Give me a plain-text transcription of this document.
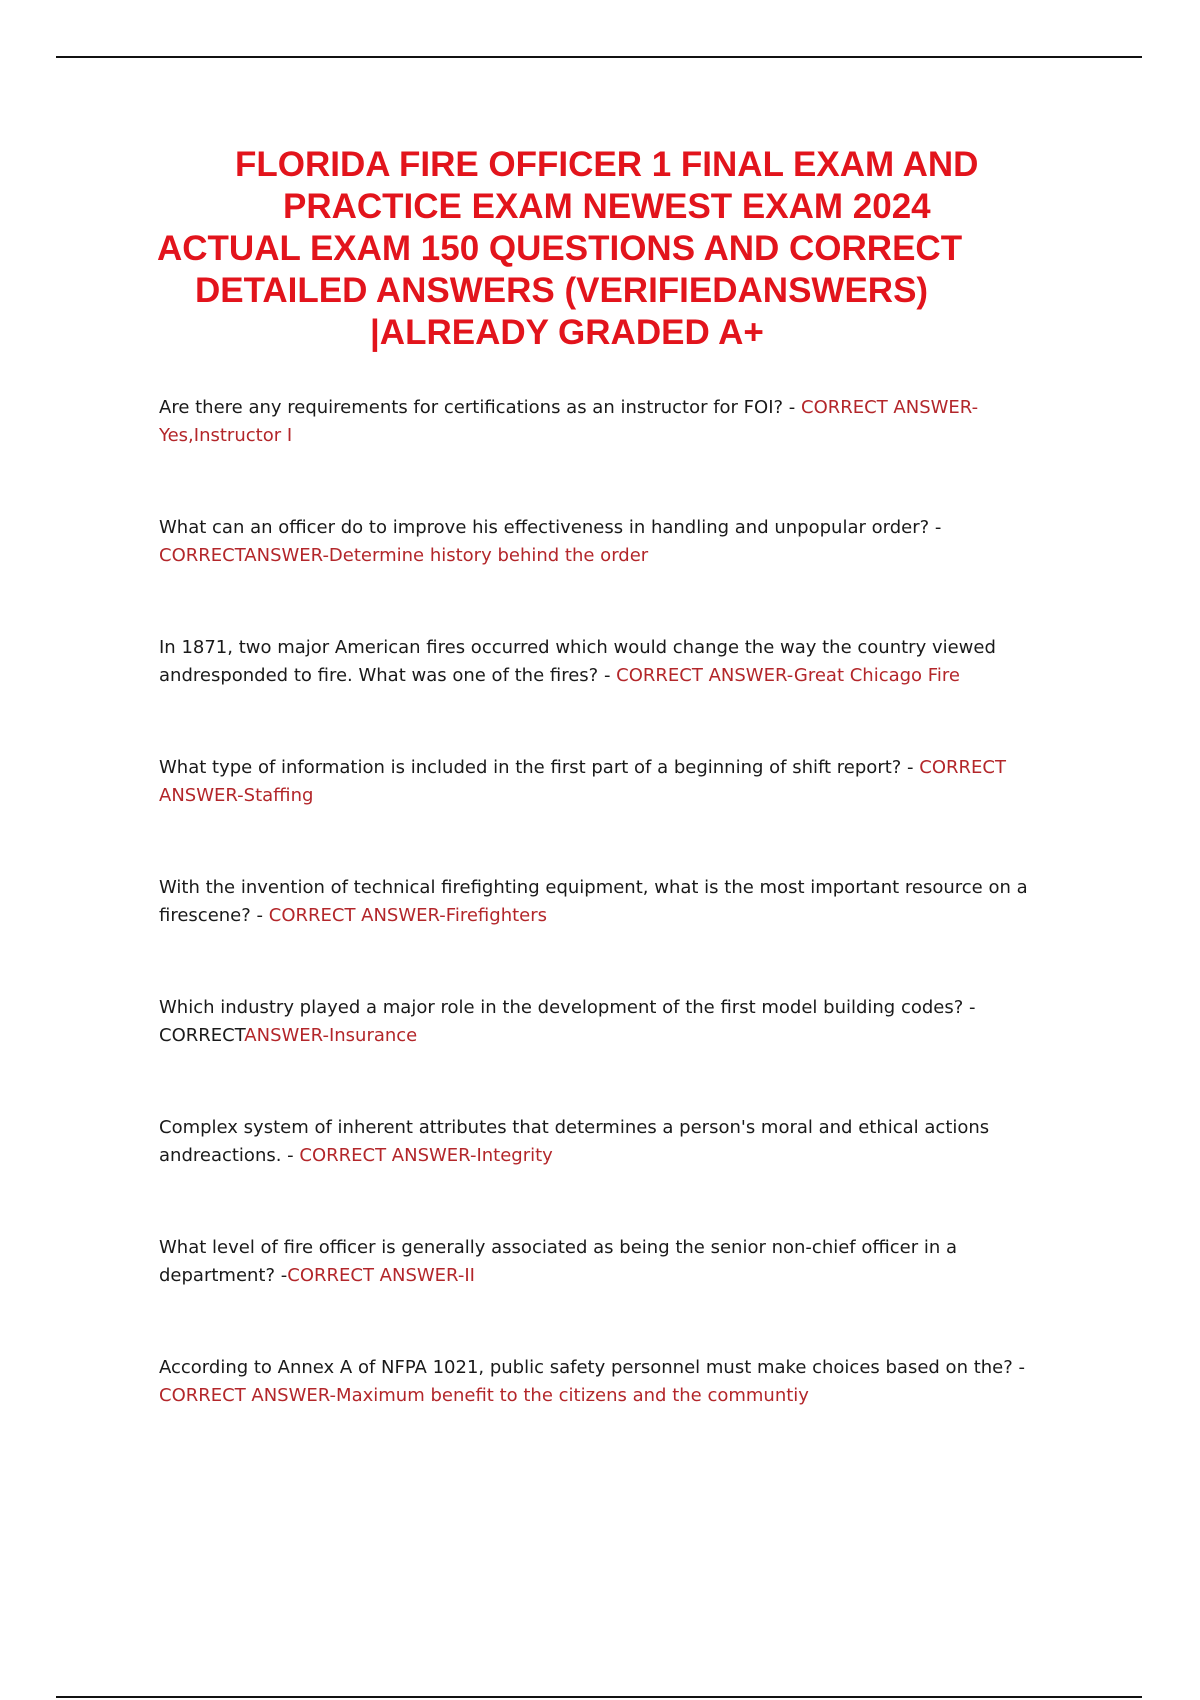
FLORIDA FIRE OFFICER 1 FINAL EXAM AND
PRACTICE EXAM NEWEST EXAM 2024
ACTUAL EXAM 150 QUESTIONS AND CORRECT
DETAILED ANSWERS (VERIFIEDANSWERS)
|ALREADY GRADED A+

Are there any requirements for certifications as an instructor for FOI? - CORRECT ANSWER-Yes,Instructor I

What can an officer do to improve his effectiveness in handling and unpopular order? - CORRECTANSWER-Determine history behind the order

In 1871, two major American fires occurred which would change the way the country viewed andresponded to fire. What was one of the fires? - CORRECT ANSWER-Great Chicago Fire

What type of information is included in the first part of a beginning of shift report? - CORRECT ANSWER-Staffing

With the invention of technical firefighting equipment, what is the most important resource on a firescene? - CORRECT ANSWER-Firefighters

Which industry played a major role in the development of the first model building codes? - CORRECTANSWER-Insurance

Complex system of inherent attributes that determines a person's moral and ethical actions andreactions. - CORRECT ANSWER-Integrity

What level of fire officer is generally associated as being the senior non-chief officer in a department? -CORRECT ANSWER-II

According to Annex A of NFPA 1021, public safety personnel must make choices based on the? -CORRECT ANSWER-Maximum benefit to the citizens and the communtiy
